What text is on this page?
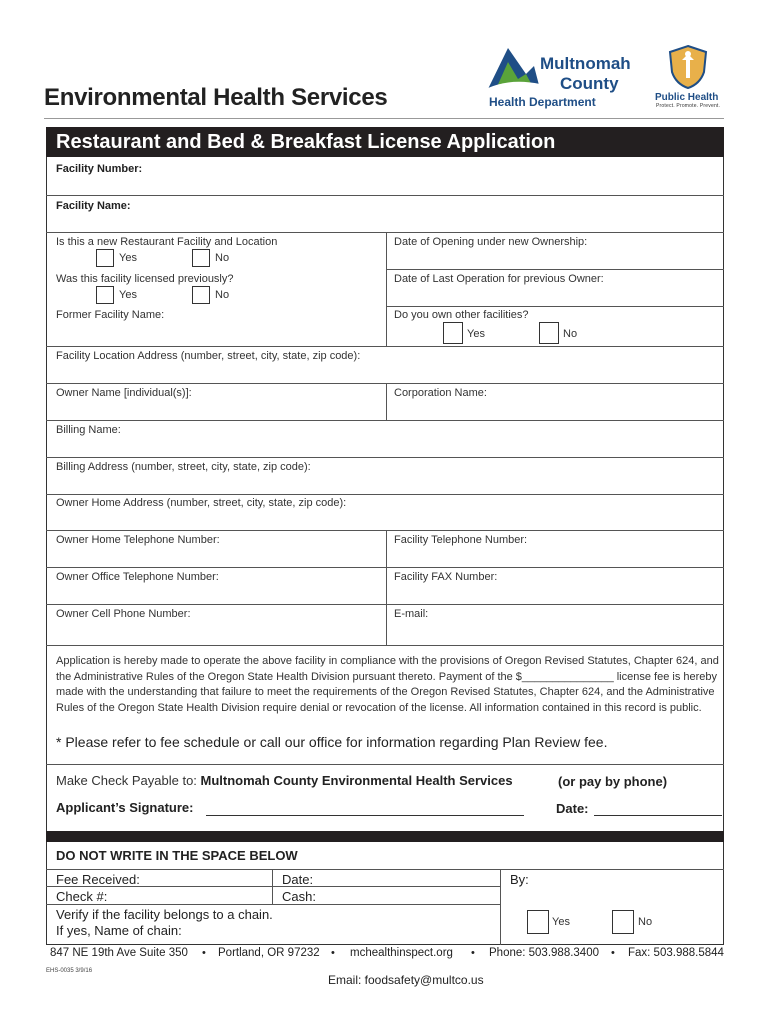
Environmental Health Services
Multnomah
County
Health Department	Public Health
Protect. Promote. Prevent.
Restaurant and Bed & Breakfast License Application
Facility Number:
Facility Name:
Is this a new Restaurant Facility and Location
Yes	No
Date of Opening under new Ownership:
Was this facility licensed previously?
Yes	No
Date of Last Operation for previous Owner:
Former Facility Name:	Do you own other facilities?
Yes	No
Facility Location Address (number, street, city, state, zip code):
Owner Name [individual(s)]:	Corporation Name:
Billing Name:
Billing Address (number, street, city, state, zip code):
Owner Home Address (number, street, city, state, zip code):
Owner Home Telephone Number:	Facility Telephone Number:
Owner Office Telephone Number:	Facility FAX Number:
Owner Cell Phone Number:	E-mail:
Application is hereby made to operate the above facility in compliance with the provisions of Oregon Revised Statutes, Chapter 624, and the Administrative Rules of the Oregon State Health Division pursuant thereto. Payment of the $_______________ license fee is hereby made with the understanding that failure to meet the requirements of the Oregon Revised Statutes, Chapter 624, and the Administrative Rules of the Oregon State Health Division require denial or revocation of the license. All information contained in this record is public.
* Please refer to fee schedule or call our office for information regarding Plan Review fee.
Make Check Payable to: Multnomah County Environmental Health Services	(or pay by phone)
Applicant’s Signature:	Date:
DO NOT WRITE IN THE SPACE BELOW
Fee Received:	Date:	By:
Check #:	Cash:
Verify if the facility belongs to a chain.
If yes, Name of chain:
Yes	No
847 NE 19th Ave Suite 350 • Portland, OR 97232 • mchealthinspect.org • Phone: 503.988.3400 • Fax: 503.988.5844
EHS-0035 3/9/16
Email: foodsafety@multco.us
